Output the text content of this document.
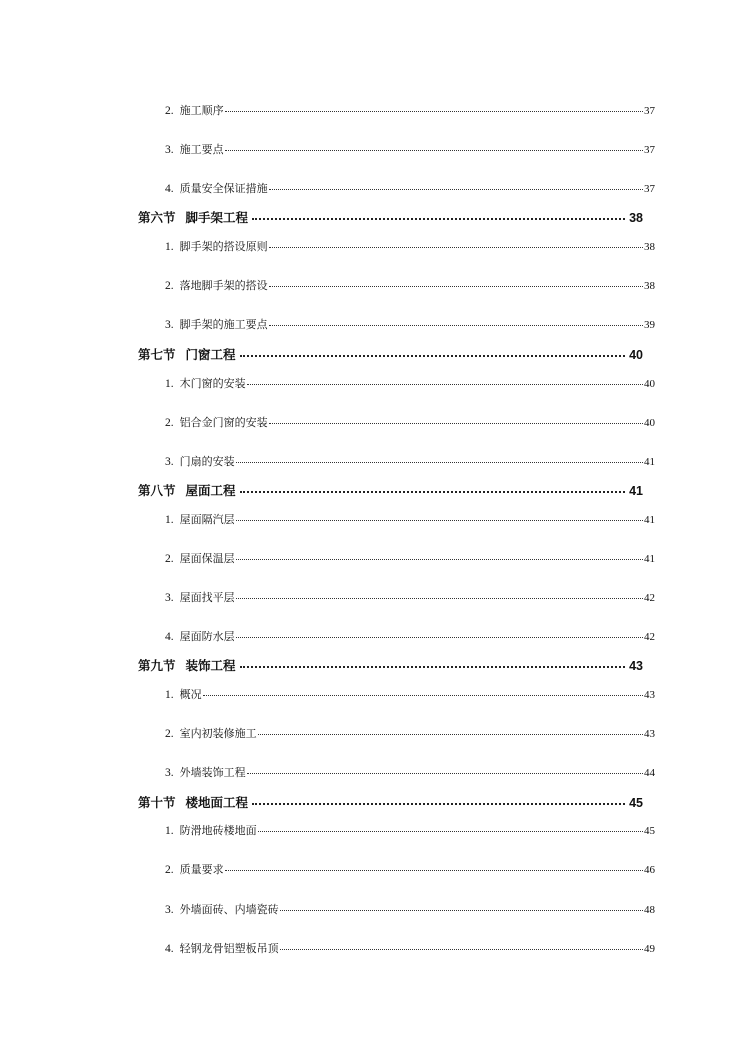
2. 施工顺序	37
3. 施工要点	37
4. 质量安全保证措施	37
第六节 脚手架工程	38
1. 脚手架的搭设原则	38
2. 落地脚手架的搭设	38
3. 脚手架的施工要点	39
第七节 门窗工程	40
1. 木门窗的安装	40
2. 铝合金门窗的安装	40
3. 门扇的安装	41
第八节 屋面工程	41
1. 屋面隔汽层	41
2. 屋面保温层	41
3. 屋面找平层	42
4. 屋面防水层	42
第九节 装饰工程	43
1. 概况	43
2. 室内初装修施工	43
3. 外墙装饰工程	44
第十节 楼地面工程	45
1. 防滑地砖楼地面	45
2. 质量要求	46
3. 外墙面砖、内墙瓷砖	48
4. 轻钢龙骨铝塑板吊顶	49
